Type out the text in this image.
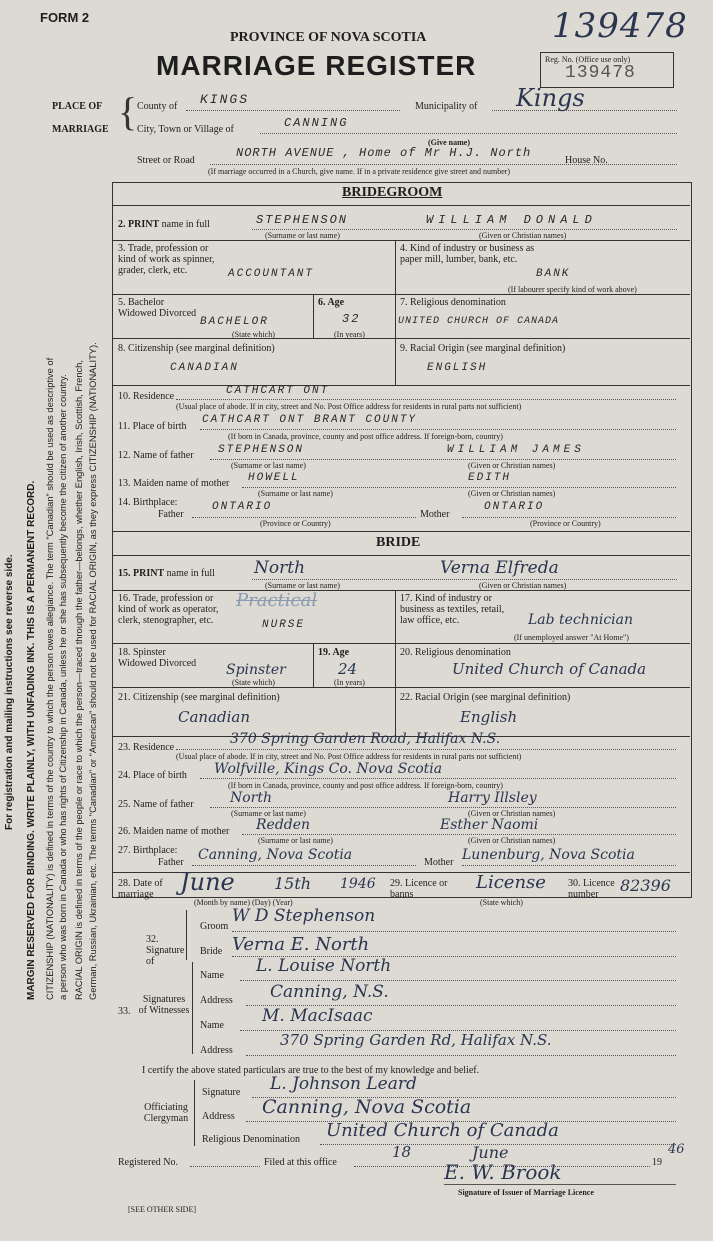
FORM 2	139478
PROVINCE OF NOVA SCOTIA
MARRIAGE REGISTER	Reg. No. (Office use only)
139478
PLACE OF
MARRIAGE { County of KINGS	Municipality of Kings
City, Town or Village of	CANNING
(Give name)
Street or Road
NORTH AVENUE , Home of Mr H.J. North
House No.
(If marriage occurred in a Church, give name. If in a private residence give street and number)
For registration and mailing instructions see reverse side. MARGIN RESERVED FOR BINDING. WRITE PLAINLY, WITH UNFADING INK. THIS IS A PERMANENT RECORD. CITIZENSHIP (NATIONALITY) is defined in terms of the country to which the person owes allegiance. The term "Canadian" should be used as descriptive of a person who was born in Canada or who has rights of Citizenship in Canada, unless he or she has subsequently become the citizen of another country. RACIAL ORIGIN is defined in terms of the people or race to which the person—traced through the father—belongs, whether English, Irish, Scottish, French, German, Russian, Ukrainian, etc. The terms "Canadian" or "American" should not be used for RACIAL ORIGIN, as they express CITIZENSHIP (NATIONALITY).
BRIDEGROOM
2. PRINT name in full	STEPHENSON	WILLIAM DONALD
(Surname or last name)	(Given or Christian names)
3. Trade, profession or kind of work as spinner, grader, clerk, etc.	ACCOUNTANT
4. Kind of industry or business as paper mill, lumber, bank, etc.
BANK
(If labourer specify kind of work above)
5. Bachelor Widowed Divorced
BACHELOR
(State which)
6. Age
32
(In years)
7. Religious denomination
UNITED CHURCH OF CANADA
8. Citizenship (see marginal definition)
CANADIAN
9. Racial Origin (see marginal definition)
ENGLISH
10. Residence	CATHCART ONT
(Usual place of abode. If in city, street and No. Post Office address for residents in rural parts not sufficient)
11. Place of birth
CATHCART ONT BRANT COUNTY
(If born in Canada, province, county and post office address. If foreign-born, country)
12. Name of father STEPHENSON	WILLIAM JAMES
(Surname or last name)	(Given or Christian names)
13. Maiden name of mother HOWELL	EDITH
(Surname or last name)	(Given or Christian names)
14. Birthplace:
Father
ONTARIO
(Province or Country)
Mother
ONTARIO
(Province or Country)
BRIDE
15. PRINT name in full North	Verna Elfreda
(Surname or last name)	(Given or Christian names)
16. Trade, profession or kind of work as operator, clerk, stenographer, etc.
Practical
NURSE
17. Kind of industry or business as textiles, retail, law office, etc.	Lab technician
(If unemployed answer "At Home")
18. Spinster Widowed Divorced Spinster
(State which)
19. Age
24
(In years)
20. Religious denomination
United Church of Canada
21. Citizenship (see marginal definition)
Canadian
22. Racial Origin (see marginal definition)
English
23. Residence
370 Spring Garden Road, Halifax N.S.
(Usual place of abode. If in city, street and No. Post Office address for residents in rural parts not sufficient)
24. Place of birth Wolfville, Kings Co. Nova Scotia
(If born in Canada, province, county and post office address. If foreign-born, country)
25. Name of father	North	Harry Illsley
(Surname or last name)	(Given or Christian names)
26. Maiden name of mother Redden	Esther Naomi
(Surname or last name)	(Given or Christian names)
27. Birthplace:
Father Canning, Nova Scotia	Mother Lunenburg, Nova Scotia
28. Date of marriage	June 15th 1946
(Month by name) (Day) (Year)
29. Licence or banns
License
(State which)
30. Licence number	82396
32. Signature of
Groom
W D Stephenson
Bride Verna E. North
Signatures of Witnesses
33.
Name L. Louise North
Address Canning, N.S.
Name M. MacIsaac
Address
370 Spring Garden Rd, Halifax N.S.
I certify the above stated particulars are true to the best of my knowledge and belief.
Officiating Clergyman
Signature L. Johnson Leard
Address Canning, Nova Scotia
Religious Denomination United Church of Canada
Registered No.	Filed at this office
18	June
19
46
E. W. Brook
Signature of Issuer of Marriage Licence
[SEE OTHER SIDE]
